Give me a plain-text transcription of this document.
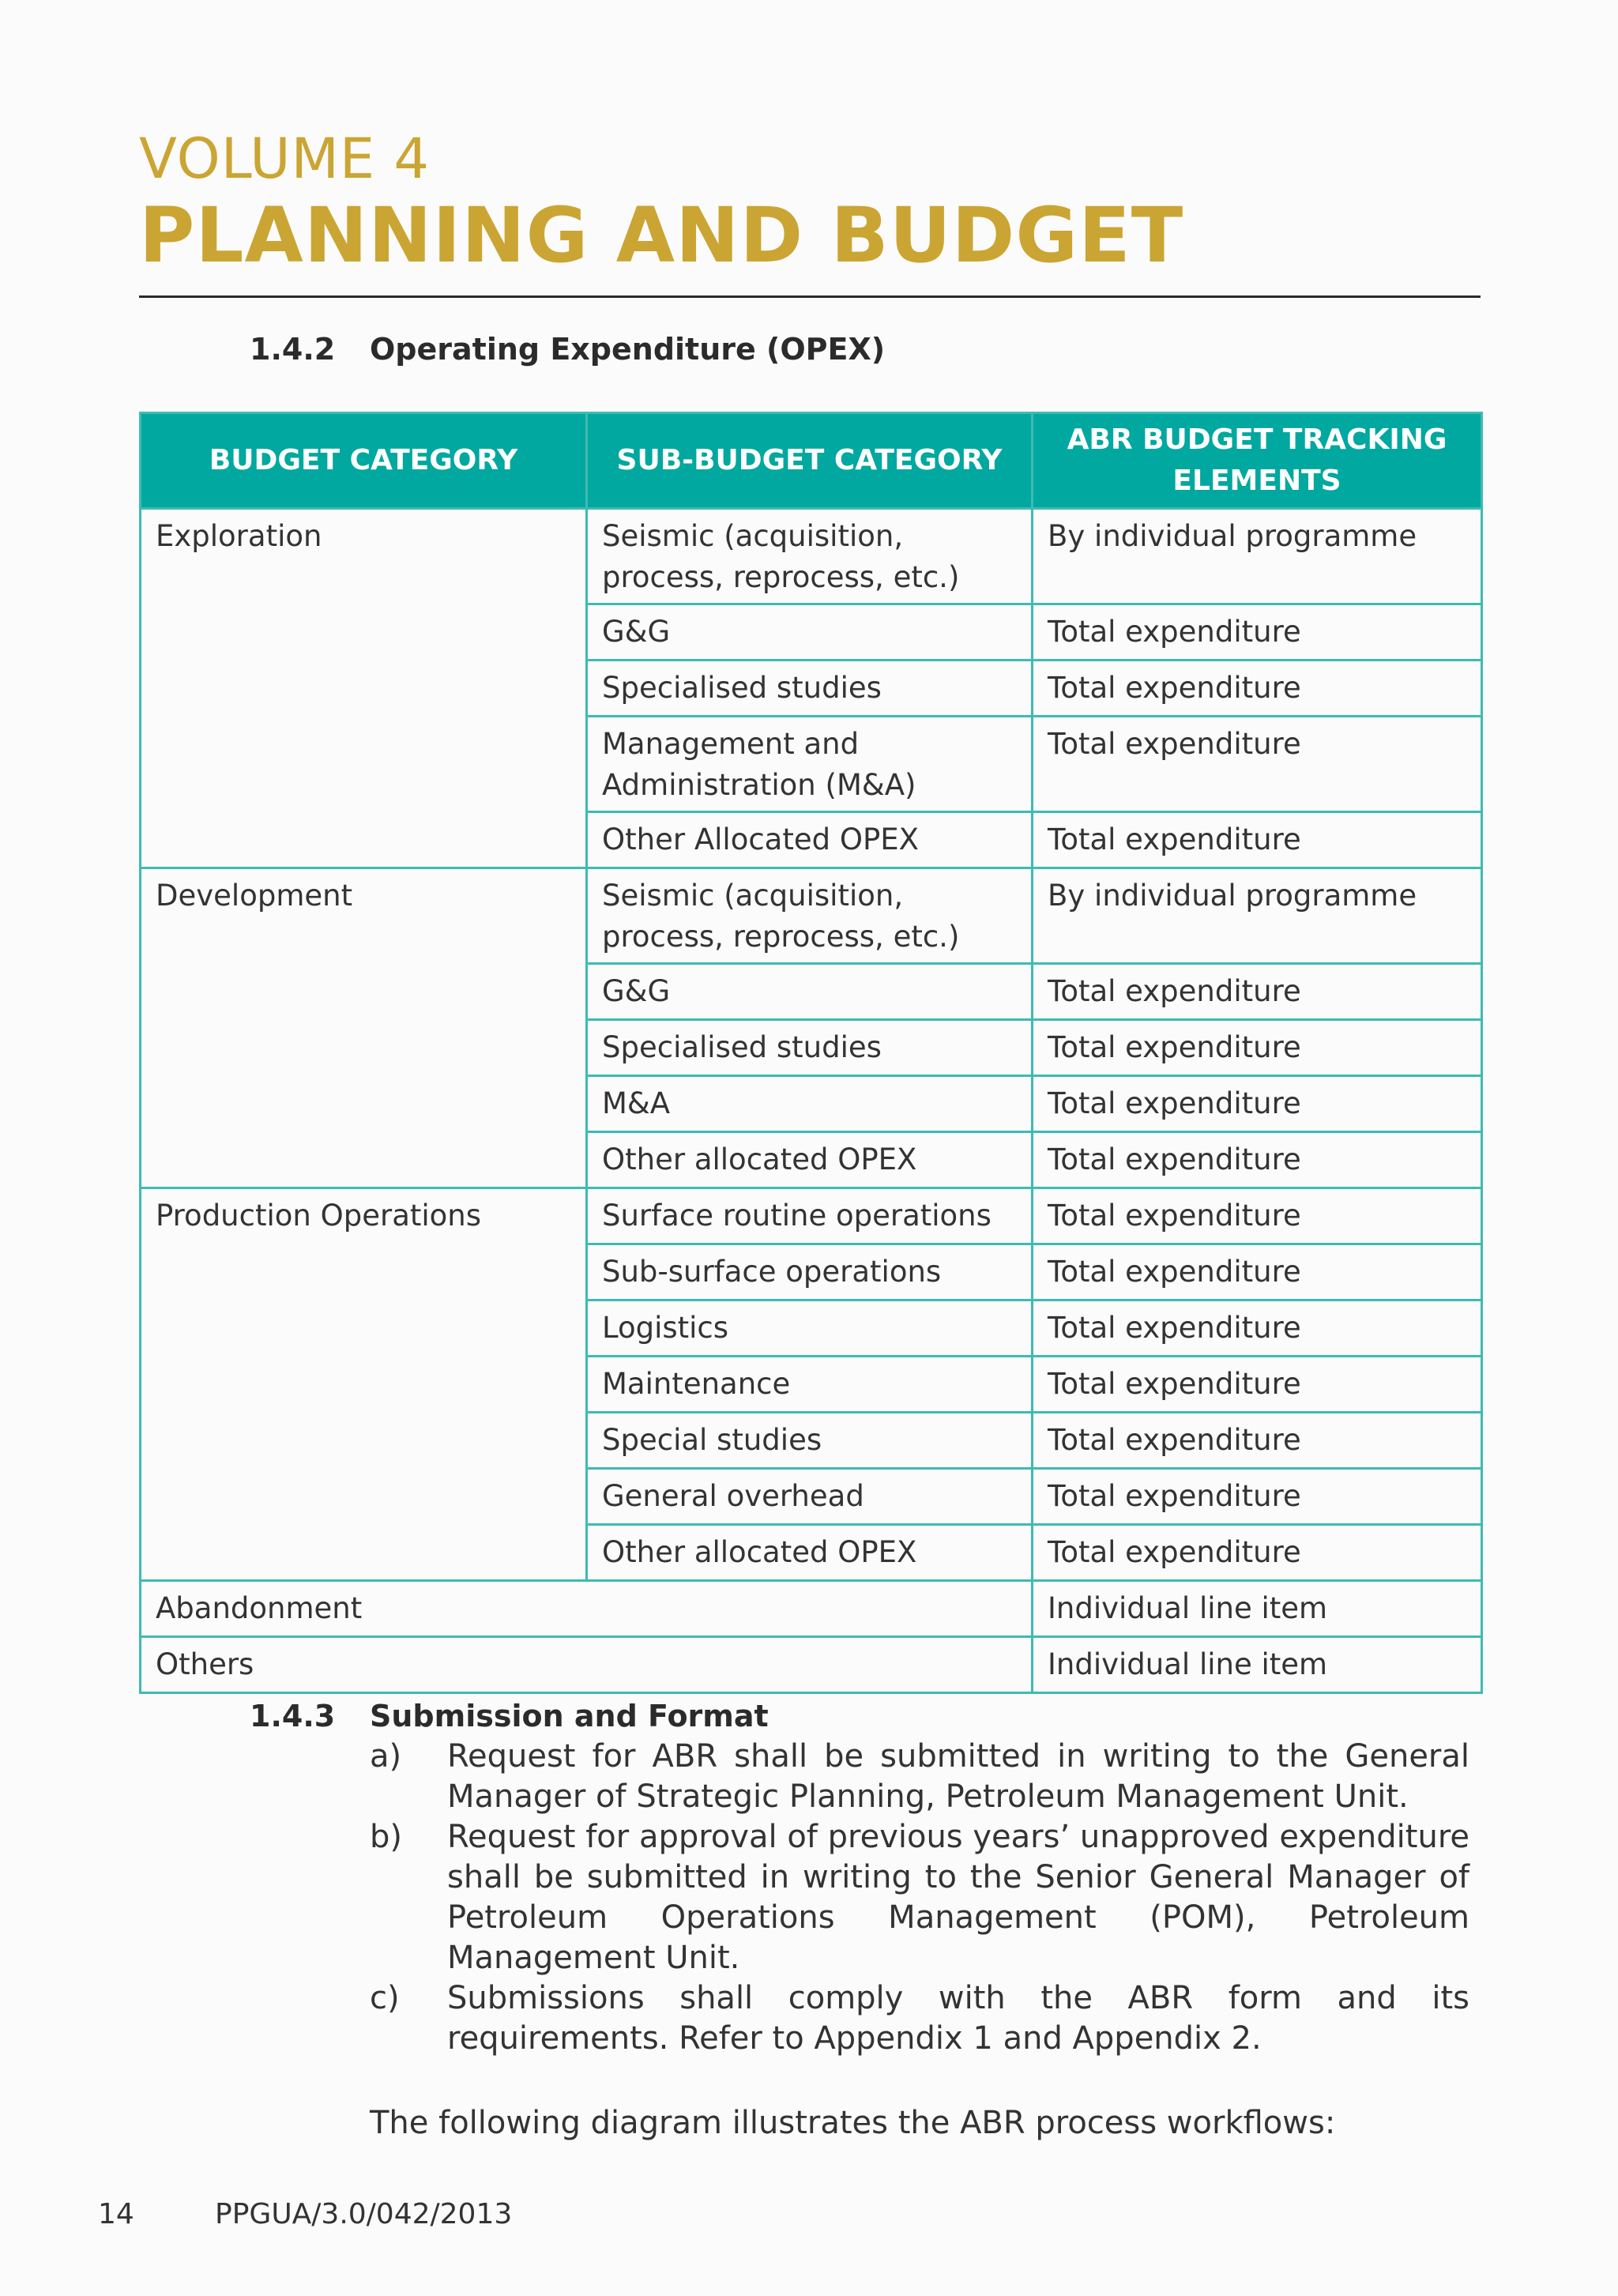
VOLUME 4
PLANNING AND BUDGET
1.4.2 Operating Expenditure (OPEX)
BUDGET CATEGORY	SUB-BUDGET CATEGORY	ABR BUDGET TRACKING ELEMENTS
Exploration	Seismic (acquisition, process, reprocess, etc.)	By individual programme
	G&G	Total expenditure
	Specialised studies	Total expenditure
	Management and Administration (M&A)	Total expenditure
	Other Allocated OPEX	Total expenditure
Development	Seismic (acquisition, process, reprocess, etc.)	By individual programme
	G&G	Total expenditure
	Specialised studies	Total expenditure
	M&A	Total expenditure
	Other allocated OPEX	Total expenditure
Production Operations	Surface routine operations	Total expenditure
	Sub-surface operations	Total expenditure
	Logistics	Total expenditure
	Maintenance	Total expenditure
	Special studies	Total expenditure
	General overhead	Total expenditure
	Other allocated OPEX	Total expenditure
Abandonment		Individual line item
Others		Individual line item
1.4.3 Submission and Format
a)	Request for ABR shall be submitted in writing to the General Manager of Strategic Planning, Petroleum Management Unit.
b)	Request for approval of previous years’ unapproved expenditure shall be submitted in writing to the Senior General Manager of Petroleum Operations Management (POM), Petroleum Management Unit.
c)	Submissions shall comply with the ABR form and its requirements. Refer to Appendix 1 and Appendix 2.
The following diagram illustrates the ABR process workflows:
14	PPGUA/3.0/042/2013
